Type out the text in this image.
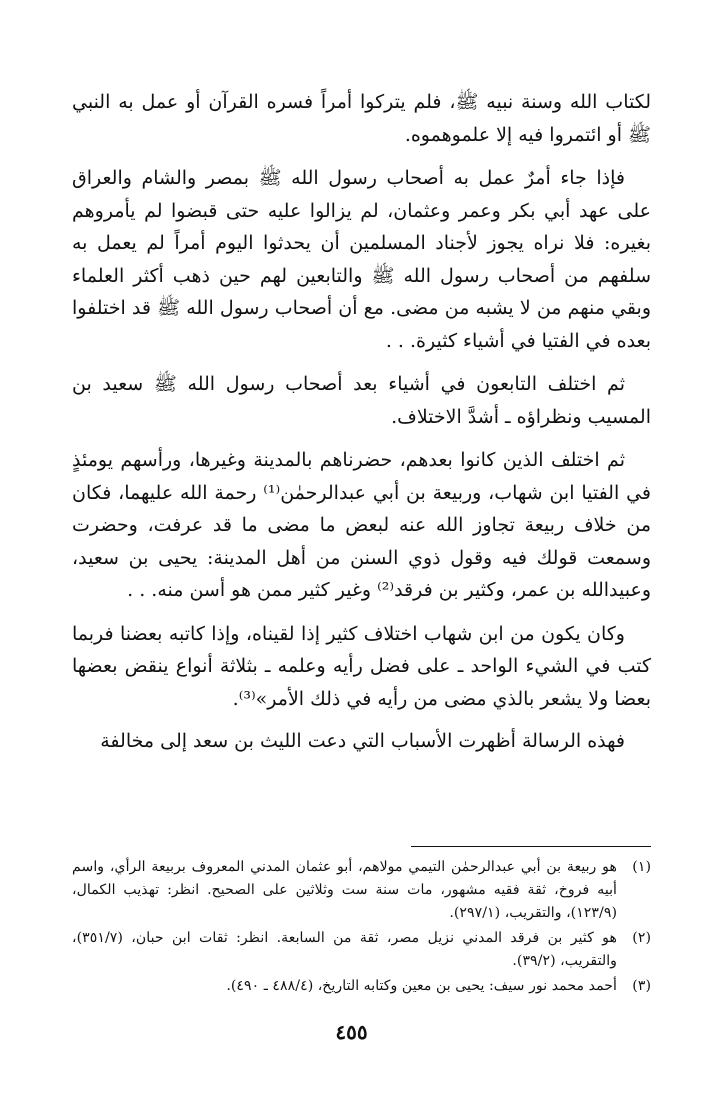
لكتاب الله وسنة نبيه ﷺ، فلم يتركوا أمراً فسره القرآن أو عمل به النبي ﷺ أو ائتمروا فيه إلا علموهموه.

فإذا جاء أمرٌ عمل به أصحاب رسول الله ﷺ بمصر والشام والعراق على عهد أبي بكر وعمر وعثمان، لم يزالوا عليه حتى قبضوا لم يأمروهم بغيره: فلا نراه يجوز لأجناد المسلمين أن يحدثوا اليوم أمراً لم يعمل به سلفهم من أصحاب رسول الله ﷺ والتابعين لهم حين ذهب أكثر العلماء وبقي منهم من لا يشبه من مضى. مع أن أصحاب رسول الله ﷺ قد اختلفوا بعده في الفتيا في أشياء كثيرة. . .

ثم اختلف التابعون في أشياء بعد أصحاب رسول الله ﷺ سعيد بن المسيب ونظراؤه ـ أشدَّ الاختلاف.

ثم اختلف الذين كانوا بعدهم، حضرناهم بالمدينة وغيرها، ورأسهم يومئذٍ في الفتيا ابن شهاب، وربيعة بن أبي عبدالرحمٰن⁽¹⁾ رحمة الله عليهما، فكان من خلاف ربيعة تجاوز الله عنه لبعض ما مضى ما قد عرفت، وحضرت وسمعت قولك فيه وقول ذوي السنن من أهل المدينة: يحيى بن سعيد، وعبيدالله بن عمر، وكثير بن فرقد⁽²⁾ وغير كثير ممن هو أسن منه. . .

وكان يكون من ابن شهاب اختلاف كثير إذا لقيناه، وإذا كاتبه بعضنا فربما كتب في الشيء الواحد ـ على فضل رأيه وعلمه ـ بثلاثة أنواع ينقض بعضها بعضا ولا يشعر بالذي مضى من رأيه في ذلك الأمر»⁽³⁾.

فهذه الرسالة أظهرت الأسباب التي دعت الليث بن سعد إلى مخالفة

(١)
هو ربيعة بن أبي عبدالرحمٰن التيمي مولاهم، أبو عثمان المدني المعروف بربيعة الرأي، واسم أبيه فروخ، ثقة فقيه مشهور، مات سنة ست وثلاثين على الصحيح. انظر: تهذيب الكمال، (١٢٣/٩)، والتقريب، (٢٩٧/١).
(٢)
هو كثير بن فرقد المدني نزيل مصر، ثقة من السابعة. انظر: ثقات ابن حبان، (٣٥١/٧)، والتقريب، (٣٩/٢).
(٣)
أحمد محمد نور سيف: يحيى بن معين وكتابه التاريخ، (٤٨٨/٤ ـ ٤٩٠).
٤٥٥
